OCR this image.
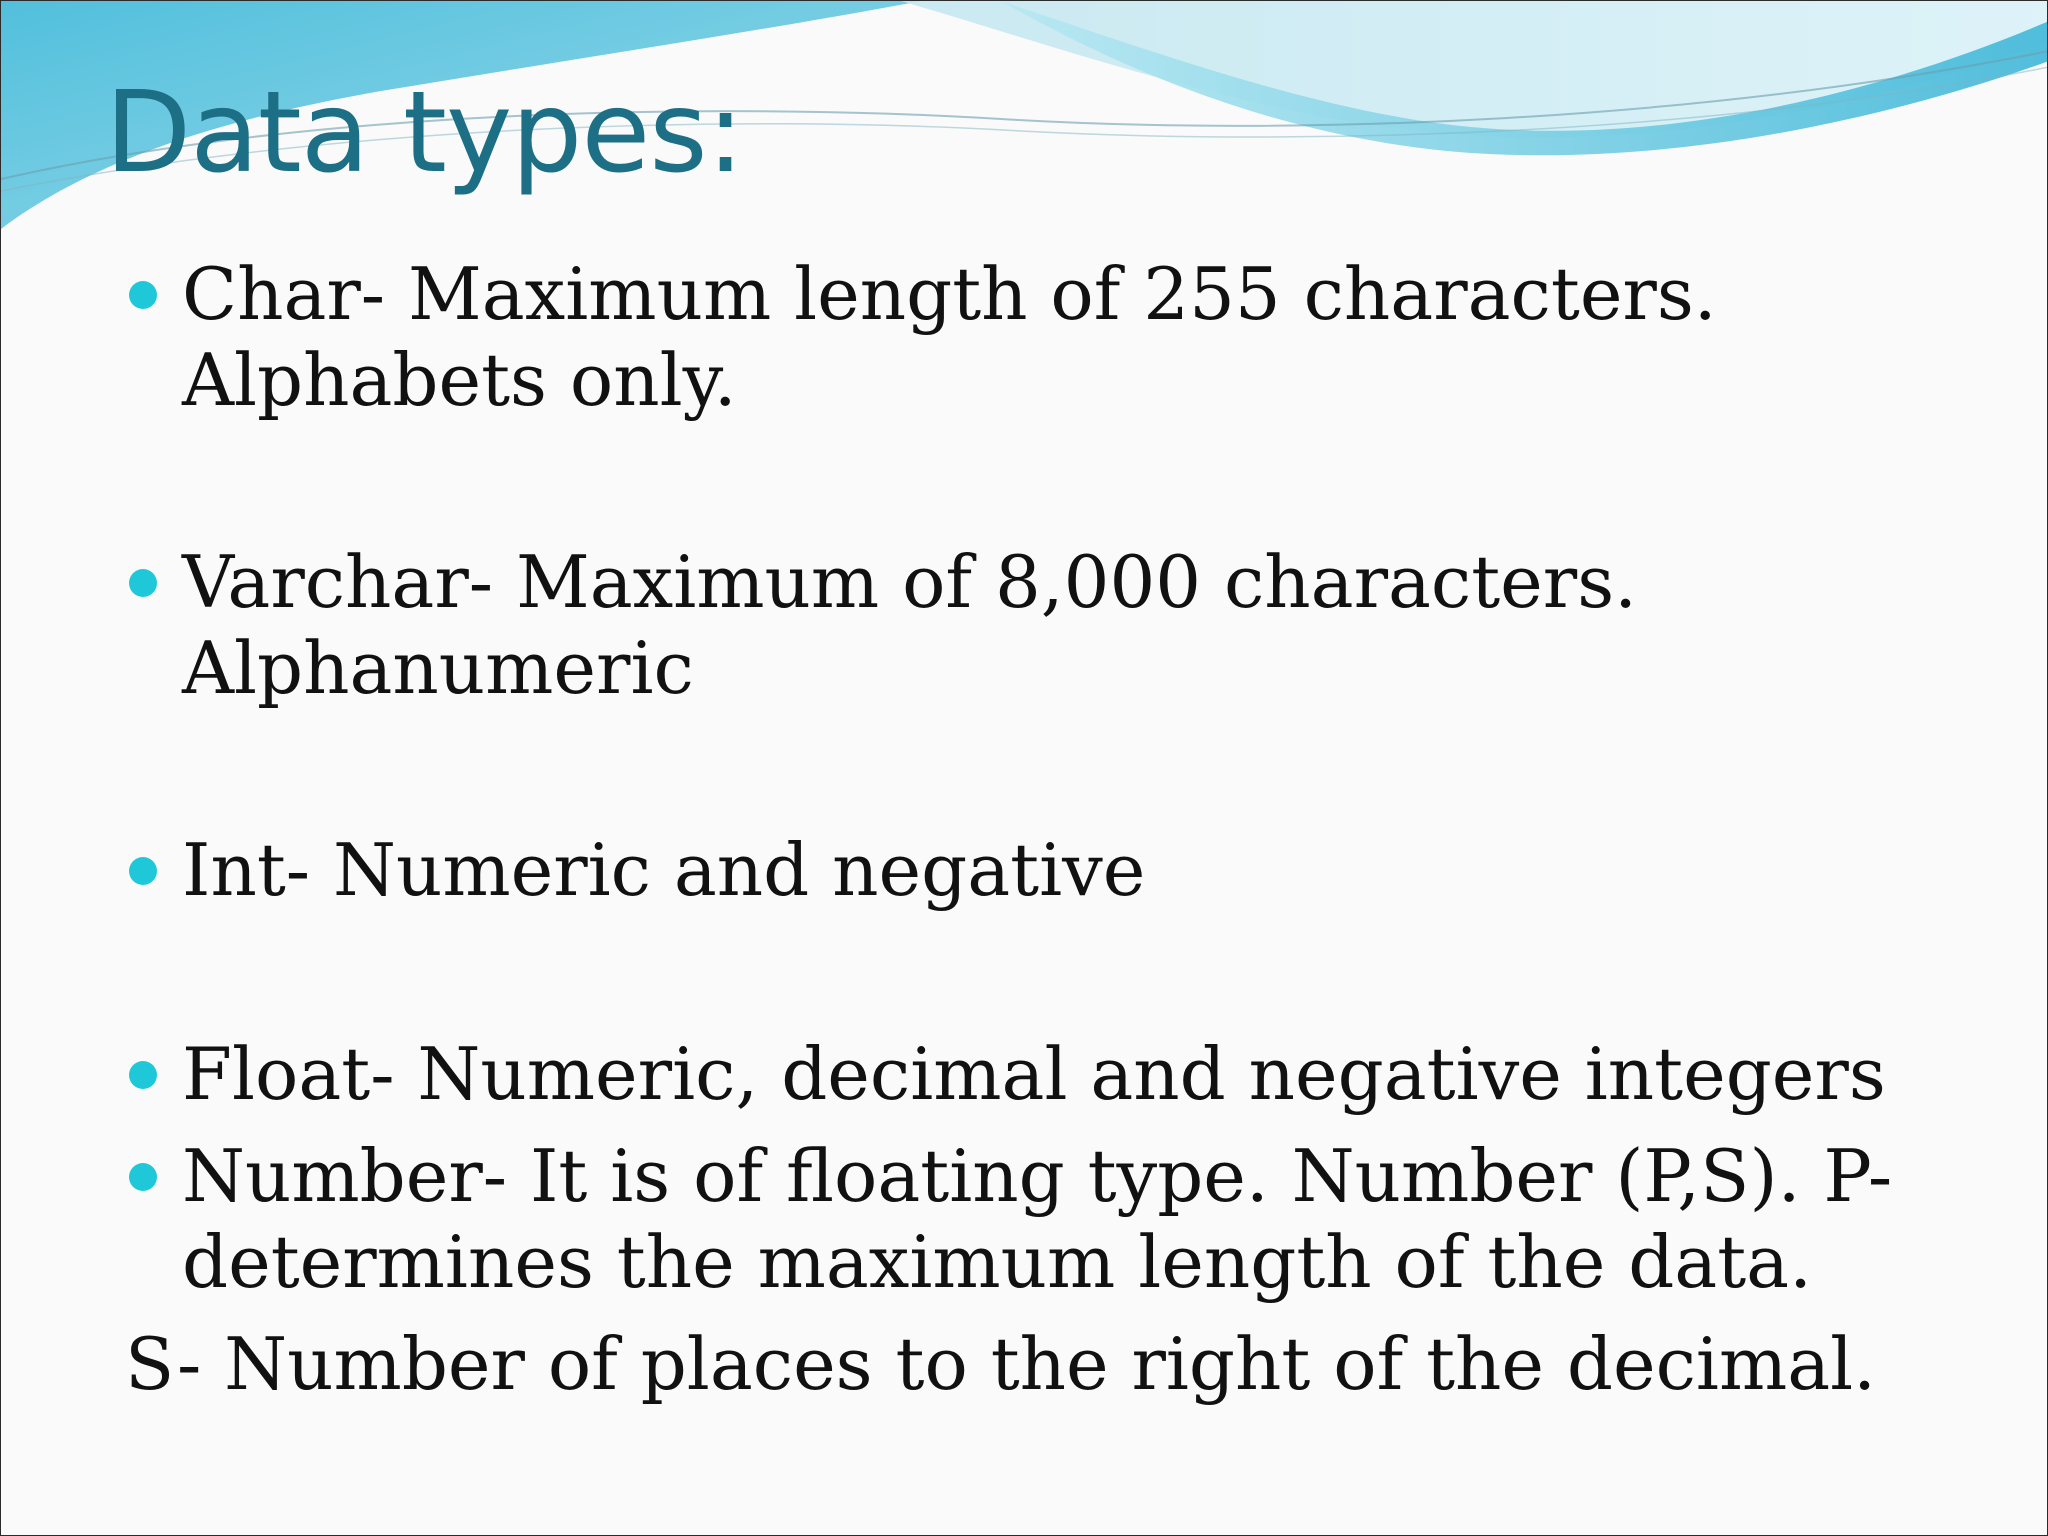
Data types:
Char- Maximum length of 255 characters. Alphabets only.
Varchar- Maximum of 8,000 characters. Alphanumeric
Int- Numeric and negative
Float- Numeric, decimal and negative integers
Number- It is of floating type. Number (P,S). P- determines the maximum length of the data.

S- Number of places to the right of the decimal.
